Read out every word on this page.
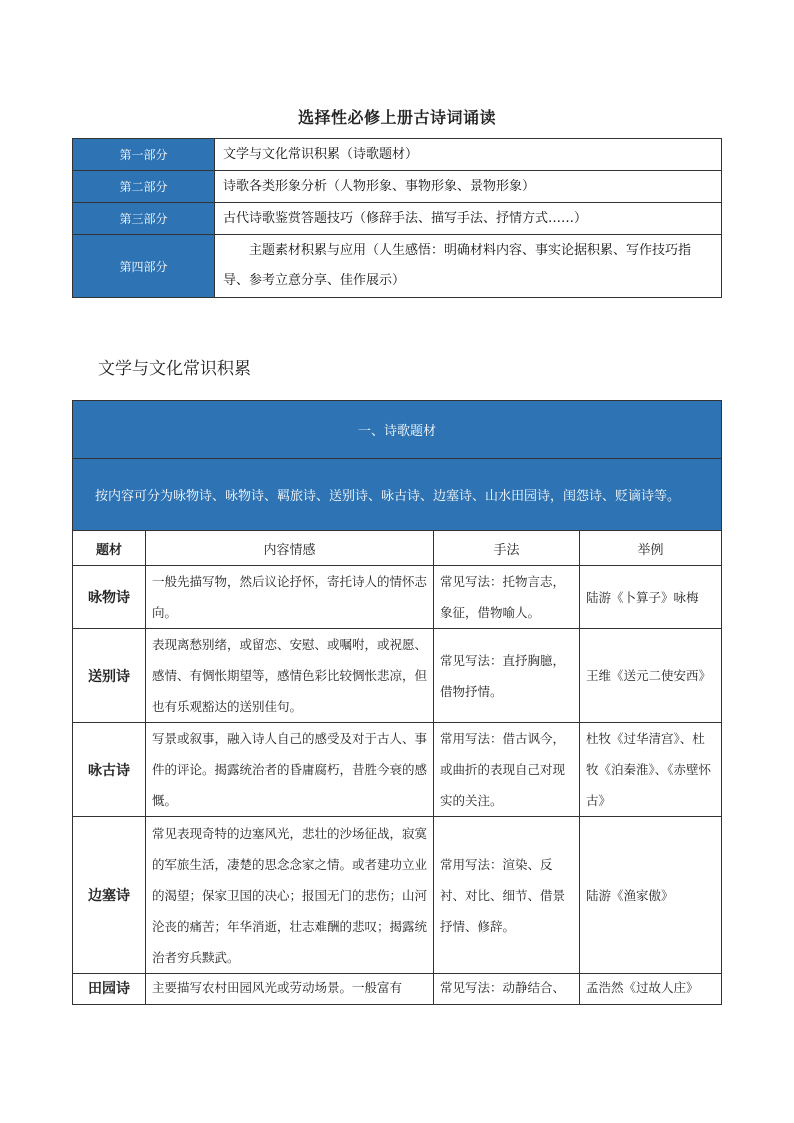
选择性必修上册古诗词诵读
第一部分	文学与文化常识积累（诗歌题材）
第二部分	诗歌各类形象分析（人物形象、事物形象、景物形象）
第三部分	古代诗歌鉴赏答题技巧（修辞手法、描写手法、抒情方式……）
第四部分	主题素材积累与应用（人生感悟：明确材料内容、事实论据积累、写作技巧指导、参考立意分享、佳作展示）
文学与文化常识积累
一、诗歌题材			
按内容可分为咏物诗、咏物诗、羁旅诗、送别诗、咏古诗、边塞诗、山水田园诗，闺怨诗、贬谪诗等。			
题材	内容情感	手法	举例
咏物诗	一般先描写物，然后议论抒怀，寄托诗人的情怀志向。	常见写法：托物言志，象征，借物喻人。	陆游《卜算子》咏梅
送别诗	表现离愁别绪，或留恋、安慰、或嘱咐，或祝愿、感情、有惆怅期望等，感情色彩比较惆怅悲凉，但也有乐观豁达的送别佳句。	常见写法：直抒胸臆，借物抒情。	王维《送元二使安西》
咏古诗	写景或叙事，融入诗人自己的感受及对于古人、事件的评论。揭露统治者的昏庸腐朽，昔胜今衰的感慨。	常用写法：借古讽今，或曲折的表现自己对现实的关注。	杜牧《过华清宫》、杜牧《泊秦淮》、《赤壁怀古》
边塞诗	常见表现奇特的边塞风光，悲壮的沙场征战，寂寞的军旅生活，凄楚的思念念家之情。或者建功立业的渴望；保家卫国的决心；报国无门的悲伤；山河沦丧的痛苦；年华消逝，壮志难酬的悲叹；揭露统治者穷兵黩武。	常用写法：渲染、反衬、对比、细节、借景抒情、修辞。	陆游《渔家傲》
田园诗	主要描写农村田园风光或劳动场景。一般富有	常见写法：动静结合、	孟浩然《过故人庄》
